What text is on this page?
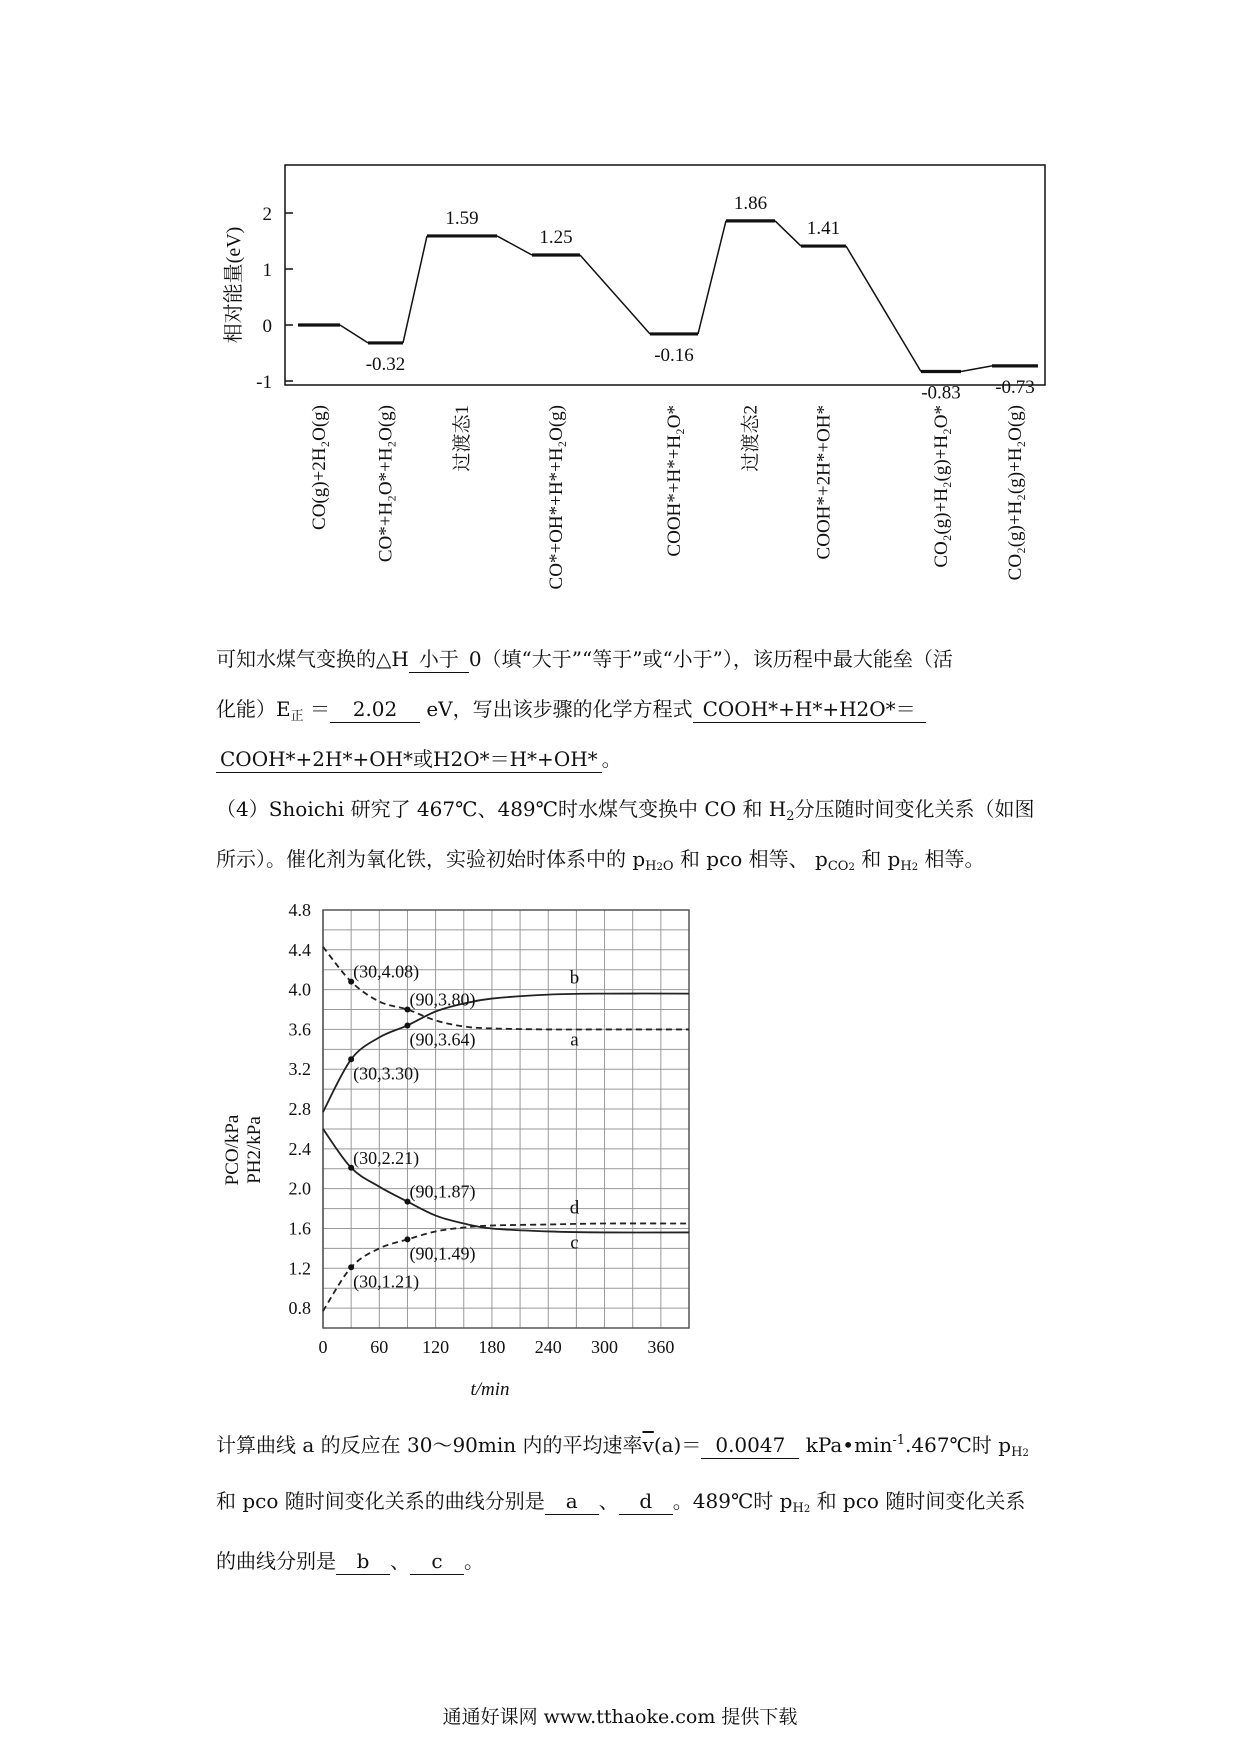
2
1
0
-1
相对能量(eV)
-0.32
1.59
1.25
-0.16
1.86
1.41
-0.83 -0.73
CO(g)+2H₂O(g) CO*+H₂O*+H₂O(g)	过渡态1	CO*+OH*+H*+H₂O(g)	COOH*+H*+H₂O*	过渡态2	COOH*+2H*+OH*	CO₂(g)+H₂(g)+H₂O*	CO₂(g)+H₂(g)+H₂O(g)
可知水煤气变换的△H 小于 0（填“大于”“等于”或“小于”），该历程中最大能垒（活
化能）$E_正 = 2.02$ eV，写出该步骤的化学方程式 COOH*+H*+H2O*＝
COOH*+2H*+OH*或H2O*＝H*+OH* 。
（4）Shoichi 研究了 467℃、489℃时水煤气变换中 CO 和 $H_2$分压随时间变化关系（如图
所示）。催化剂为氧化铁，实验初始时体系中的 $p_{H2O}$ 和 pco 相等、 $p_{CO2}$ 和 $p_{H2}$ 相等。
4.8
4.4
4.0
3.6
3.2
2.8
2.4
2.0
1.6
1.2
0.8
0 60 120 180 240 300 360
PCO/kPa PH2/kPa
t/min
a
b
c
d
(30,4.08)
(90,3.80)
(90,3.64)
(30,3.30)
(30,2.21)
(90,1.87)
(90,1.49)
(30,1.21)
计算曲线 a 的反应在 30～90min 内的平均速率$\overline{v}(a)= 0.0047$ $kPa•\min^{-1}.467℃$时 $p_{H2}$
和 pco 随时间变化关系的曲线分别是 a 、 d 。489℃时 $p_{H2}$ 和 pco 随时间变化关系
的曲线分别是 b 、 c 。
通通好课网 www.tthaoke.com 提供下载
